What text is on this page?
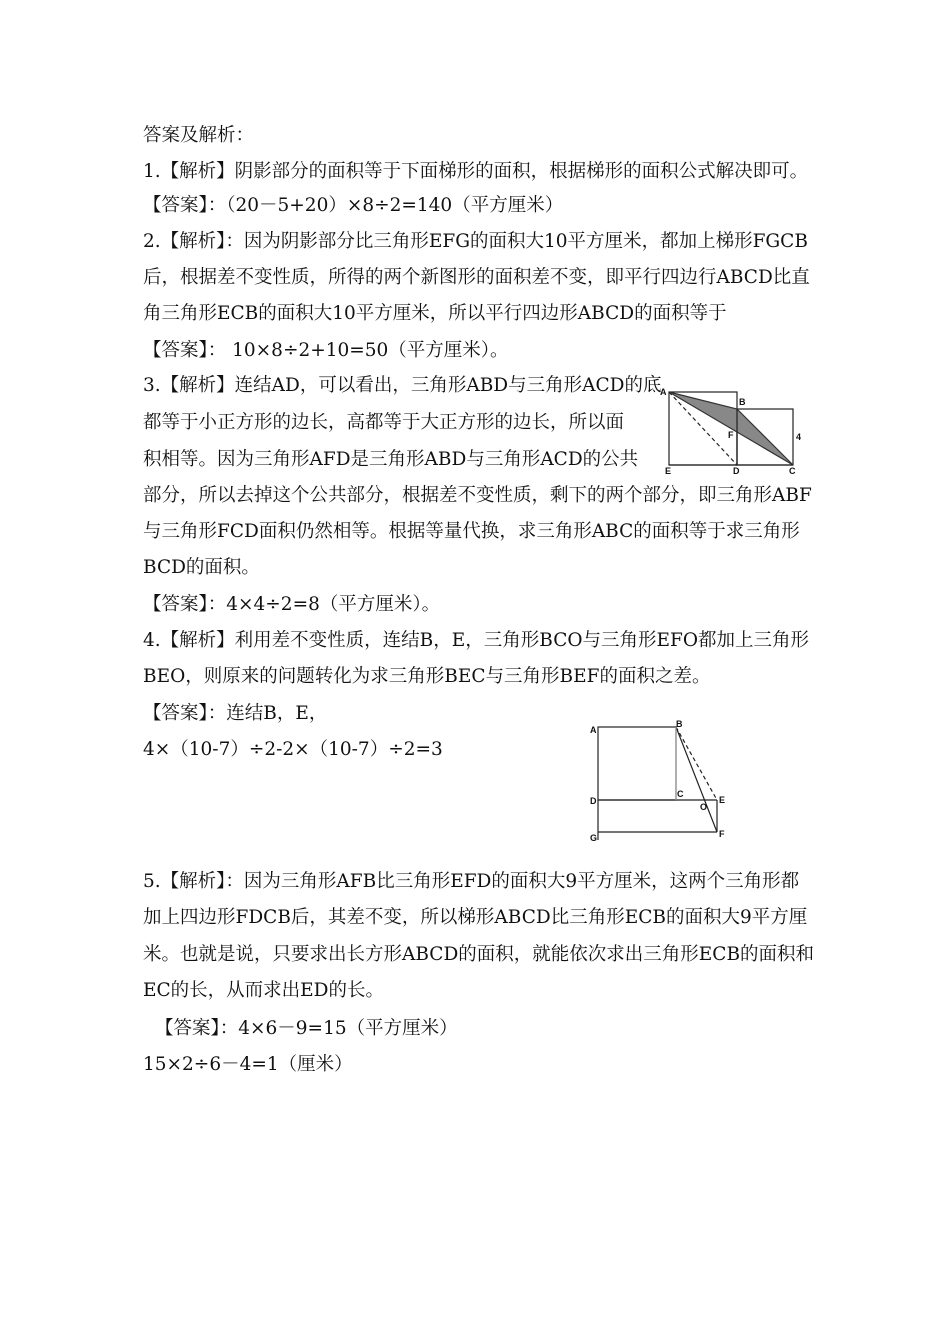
答案及解析：
1.【解析】阴影部分的面积等于下面梯形的面积，根据梯形的面积公式解决即可。
【答案】：（20－5+20）×8÷2=140（平方厘米）
2.【解析】：因为阴影部分比三角形EFG的面积大10平方厘米，都加上梯形FGCB
后，根据差不变性质，所得的两个新图形的面积差不变，即平行四边行ABCD比直
角三角形ECB的面积大10平方厘米，所以平行四边形ABCD的面积等于
【答案】： 10×8÷2+10=50（平方厘米）。
3.【解析】连结AD，可以看出，三角形ABD与三角形ACD的底
都等于小正方形的边长，高都等于大正方形的边长，所以面
积相等。因为三角形AFD是三角形ABD与三角形ACD的公共
部分，所以去掉这个公共部分，根据差不变性质，剩下的两个部分，即三角形ABF
与三角形FCD面积仍然相等。根据等量代换，求三角形ABC的面积等于求三角形
BCD的面积。
【答案】：4×4÷2=8（平方厘米）。
A
B
F	4
E	D	C
4.【解析】利用差不变性质，连结B，E，三角形BCO与三角形EFO都加上三角形
BEO，则原来的问题转化为求三角形BEC与三角形BEF的面积之差。
【答案】：连结B，E，
4×（10-7）÷2-2×（10-7）÷2=3
A
B
D
C
O
E
G	F
5.【解析】：因为三角形AFB比三角形EFD的面积大9平方厘米，这两个三角形都
加上四边形FDCB后，其差不变，所以梯形ABCD比三角形ECB的面积大9平方厘
米。也就是说，只要求出长方形ABCD的面积，就能依次求出三角形ECB的面积和
EC的长，从而求出ED的长。
【答案】：4×6－9=15（平方厘米）
15×2÷6－4=1（厘米）
